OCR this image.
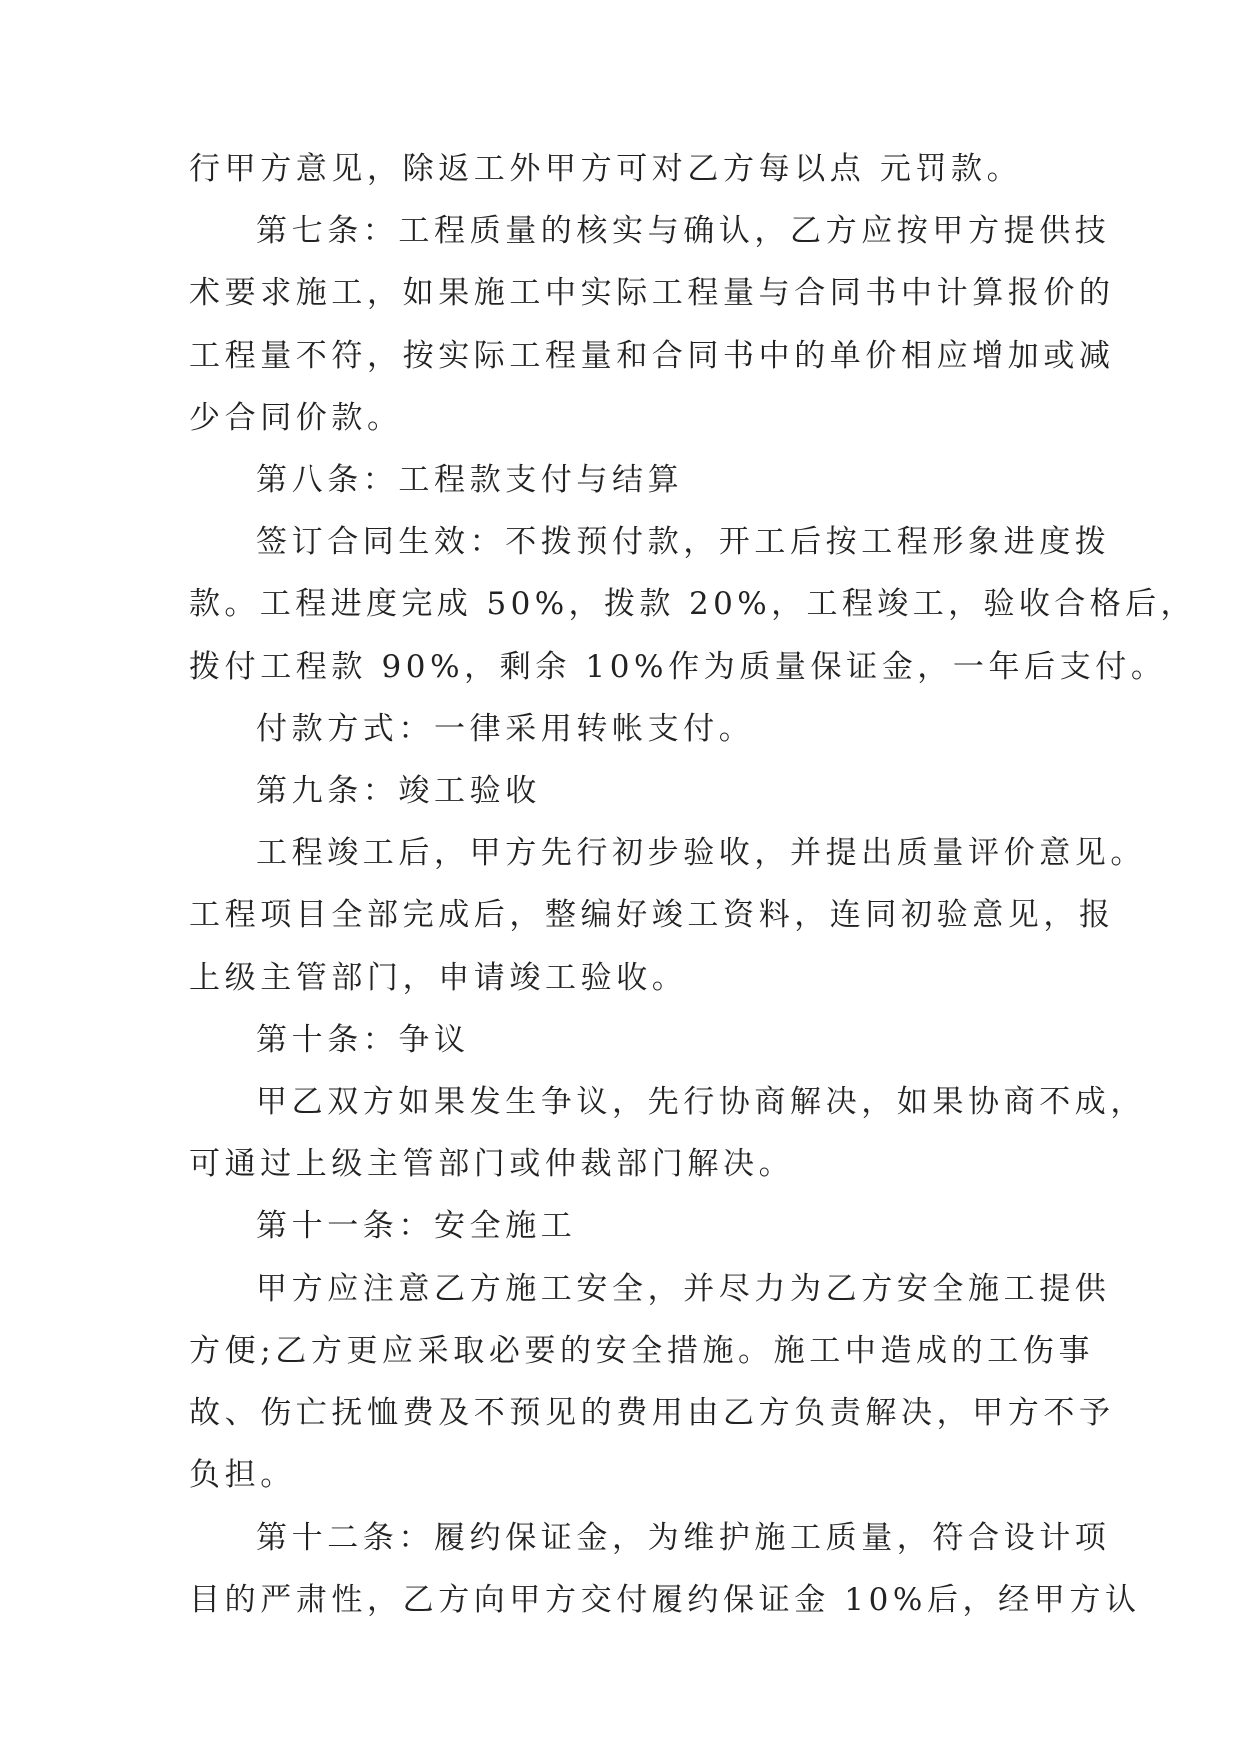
行甲方意见，除返工外甲方可对乙方每以点 元罚款。
第七条：工程质量的核实与确认，乙方应按甲方提供技
术要求施工，如果施工中实际工程量与合同书中计算报价的
工程量不符，按实际工程量和合同书中的单价相应增加或减
少合同价款。
第八条：工程款支付与结算
签订合同生效：不拨预付款，开工后按工程形象进度拨
款。工程进度完成 50%，拨款 20%，工程竣工，验收合格后，
拨付工程款 90%，剩余 10%作为质量保证金，一年后支付。
付款方式：一律采用转帐支付。
第九条：竣工验收
工程竣工后，甲方先行初步验收，并提出质量评价意见。
工程项目全部完成后，整编好竣工资料，连同初验意见，报
上级主管部门，申请竣工验收。
第十条：争议
甲乙双方如果发生争议，先行协商解决，如果协商不成，
可通过上级主管部门或仲裁部门解决。
第十一条：安全施工
甲方应注意乙方施工安全，并尽力为乙方安全施工提供
方便;乙方更应采取必要的安全措施。施工中造成的工伤事
故、伤亡抚恤费及不预见的费用由乙方负责解决，甲方不予
负担。
第十二条：履约保证金，为维护施工质量，符合设计项
目的严肃性，乙方向甲方交付履约保证金 10%后，经甲方认
